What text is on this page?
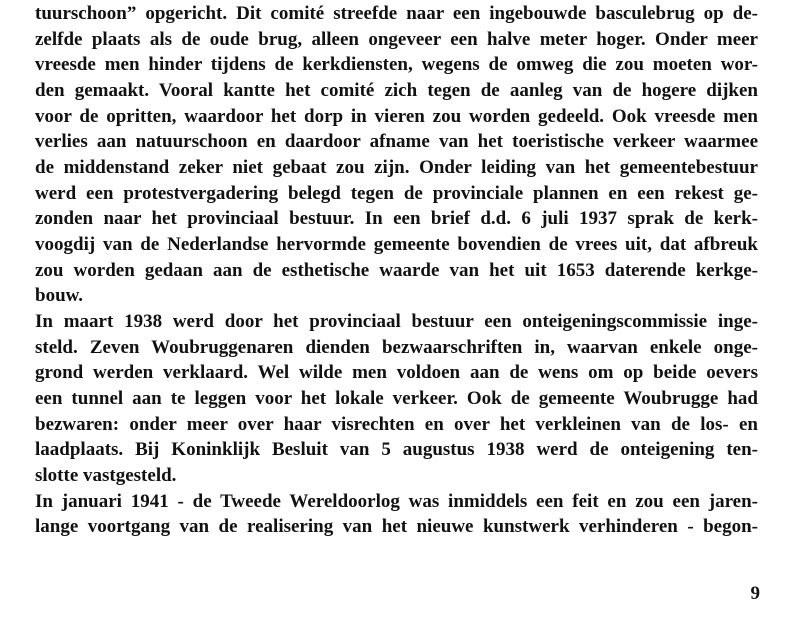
tuurschoon” opgericht. Dit comité streefde naar een ingebouwde basculebrug op de-
zelfde plaats als de oude brug, alleen ongeveer een halve meter hoger. Onder meer
vreesde men hinder tijdens de kerkdiensten, wegens de omweg die zou moeten wor-
den gemaakt. Vooral kantte het comité zich tegen de aanleg van de hogere dijken
voor de opritten, waardoor het dorp in vieren zou worden gedeeld. Ook vreesde men
verlies aan natuurschoon en daardoor afname van het toeristische verkeer waarmee
de middenstand zeker niet gebaat zou zijn. Onder leiding van het gemeentebestuur
werd een protestvergadering belegd tegen de provinciale plannen en een rekest ge-
zonden naar het provinciaal bestuur. In een brief d.d. 6 juli 1937 sprak de kerk-
voogdij van de Nederlandse hervormde gemeente bovendien de vrees uit, dat afbreuk
zou worden gedaan aan de esthetische waarde van het uit 1653 daterende kerkge-
bouw.
In maart 1938 werd door het provinciaal bestuur een onteigeningscommissie inge-
steld. Zeven Woubruggenaren dienden bezwaarschriften in, waarvan enkele onge-
grond werden verklaard. Wel wilde men voldoen aan de wens om op beide oevers
een tunnel aan te leggen voor het lokale verkeer. Ook de gemeente Woubrugge had
bezwaren: onder meer over haar visrechten en over het verkleinen van de los- en
laadplaats. Bij Koninklijk Besluit van 5 augustus 1938 werd de onteigening ten-
slotte vastgesteld.
In januari 1941 - de Tweede Wereldoorlog was inmiddels een feit en zou een jaren-
lange voortgang van de realisering van het nieuwe kunstwerk verhinderen - begon-
9
